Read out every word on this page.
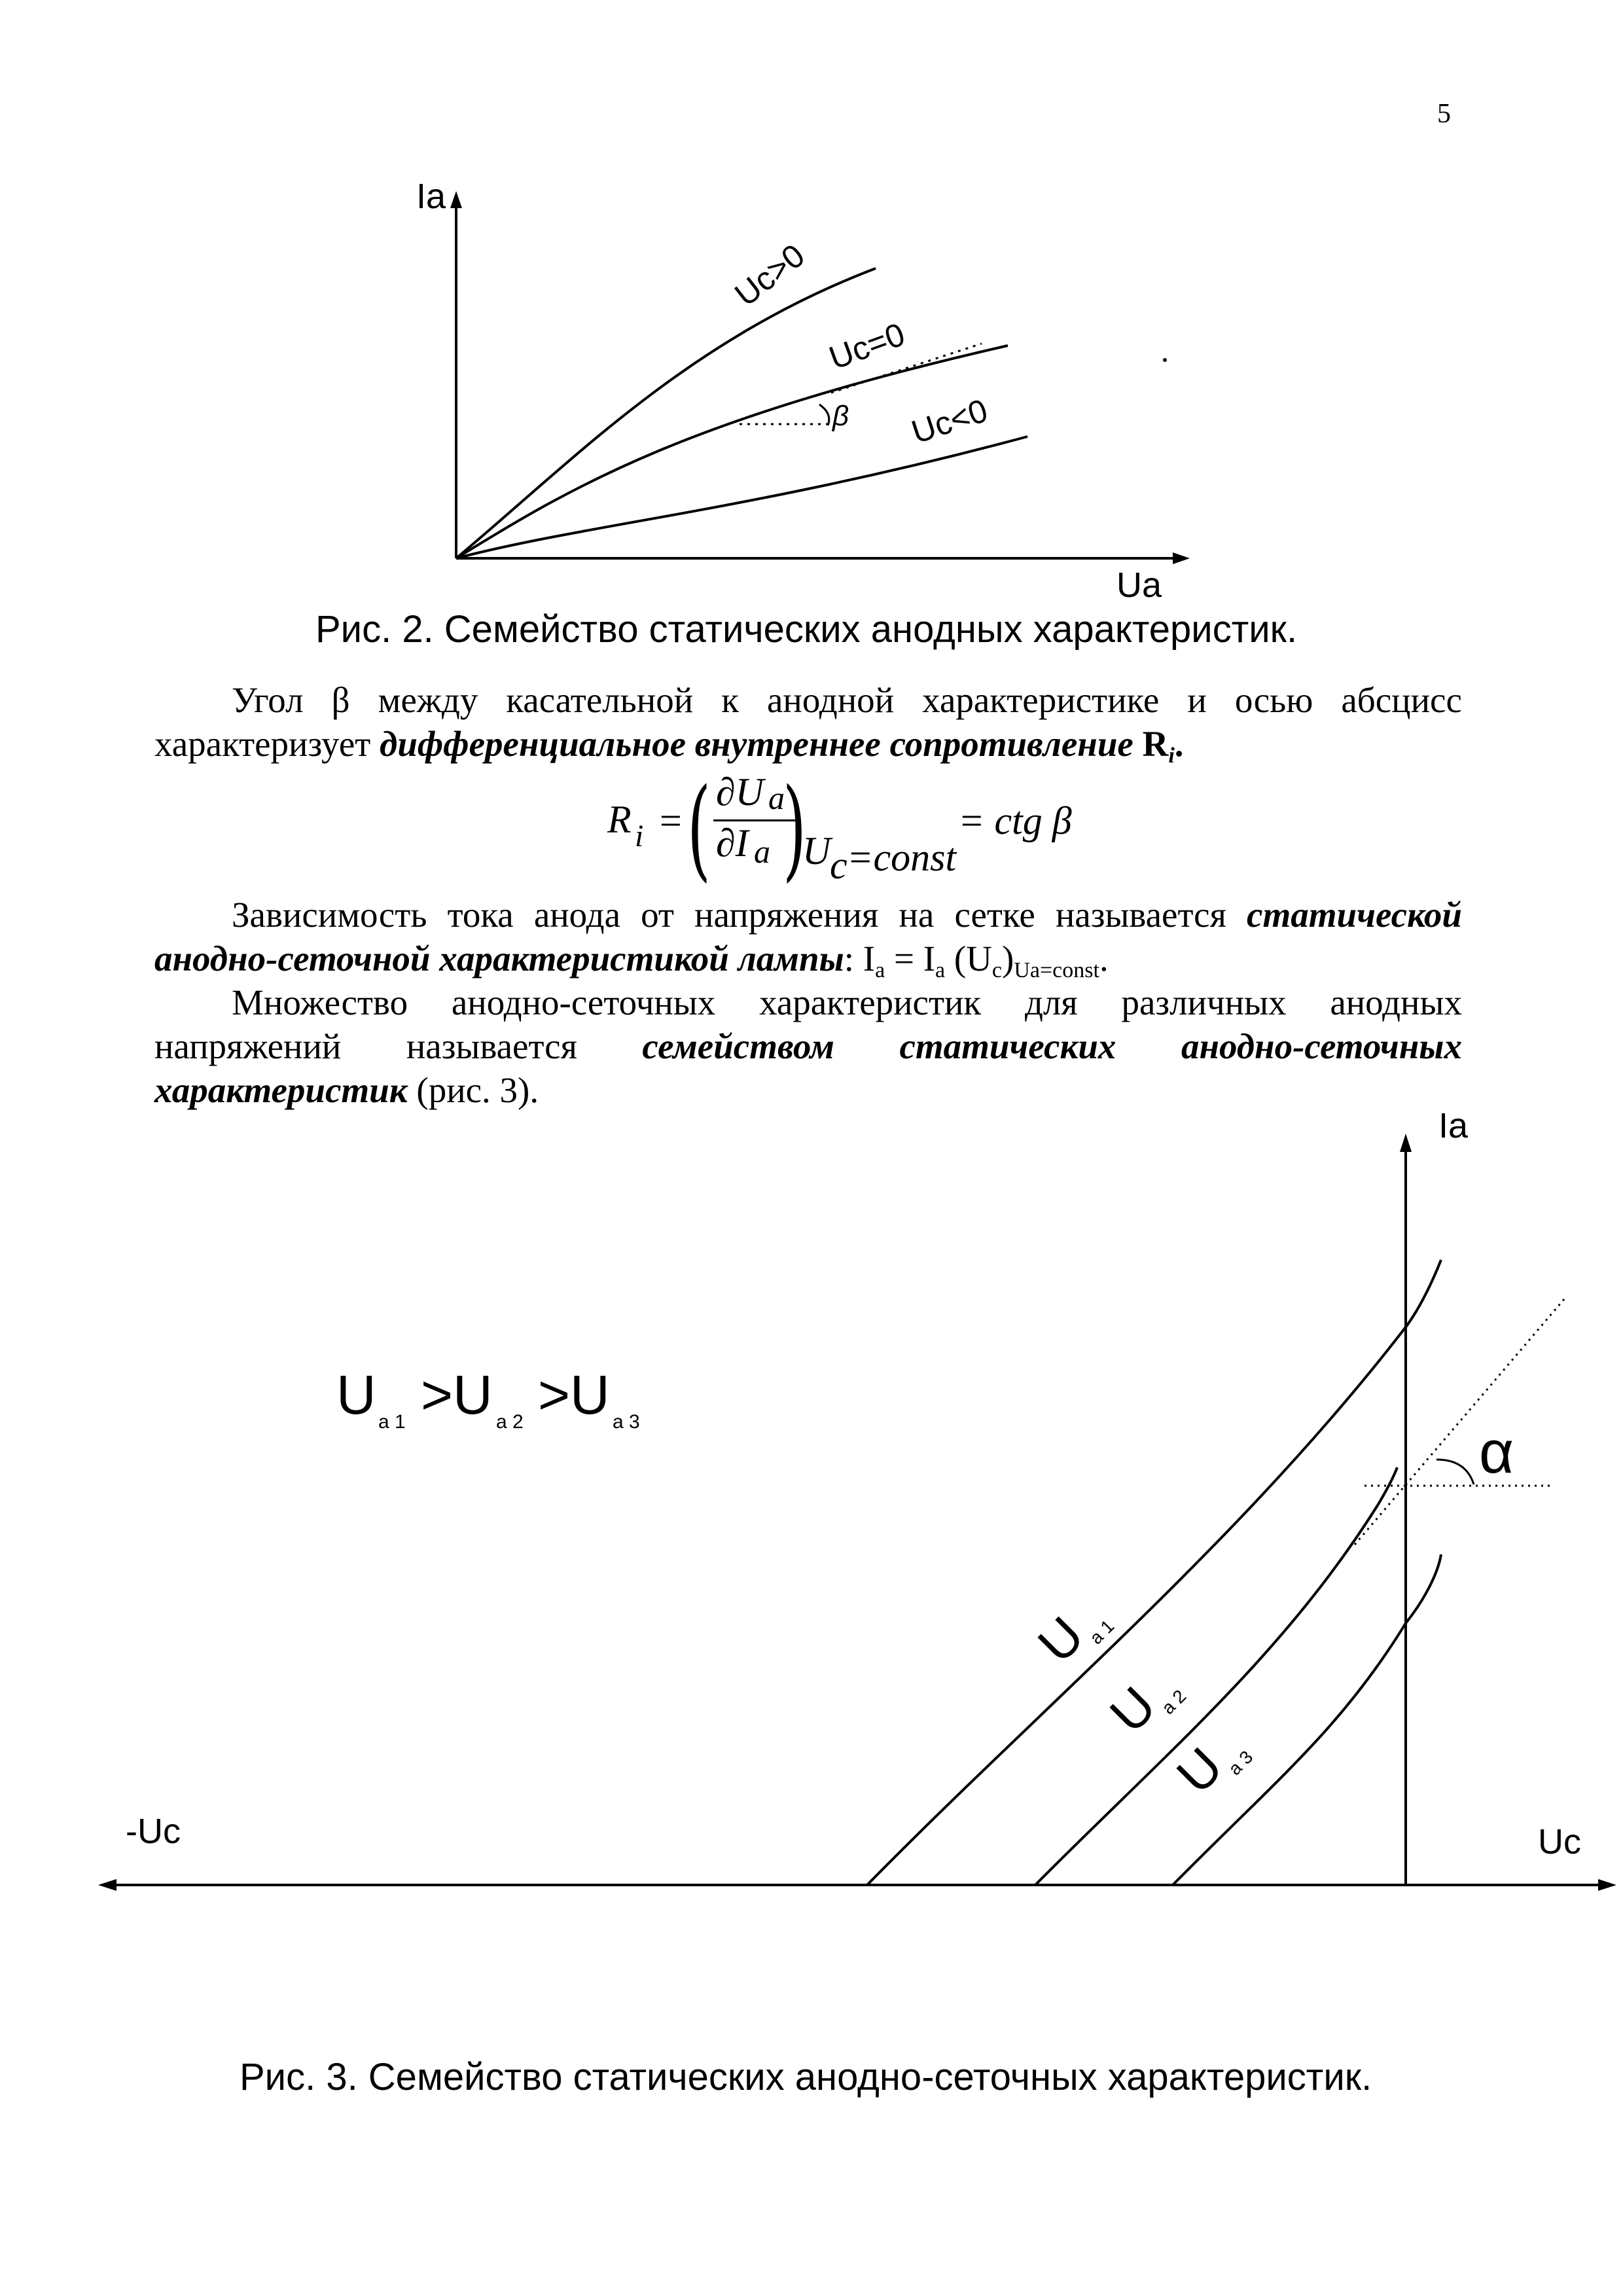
5
Ia
Ua
Uc>0
Uc=0
Uc<0
β
Рис. 2. Семейство статических анодных характеристик.
Угол β между касательной к анодной характеристике и осью абсцисс
характеризует дифференциальное внутреннее сопротивление $R_i$.
R i = ( ∂U a
∂I a )
U
c =const
= ctg β
Зависимость тока анода от напряжения на сетке называется статической
анодно-сеточной характеристикой лампы: $I_a = I_a$ $(U_c)_{Ua=const}$.
Множество анодно-сеточных характеристик для различных анодных
напряжений называется семейством статических анодно-сеточных
характеристик (рис. 3).
Ia
Uc
-Uc
α
U a 1 >U a 2 >U a 3
U
a 1
U
a 2
U
a 3
Рис. 3. Семейство статических анодно-сеточных характеристик.
